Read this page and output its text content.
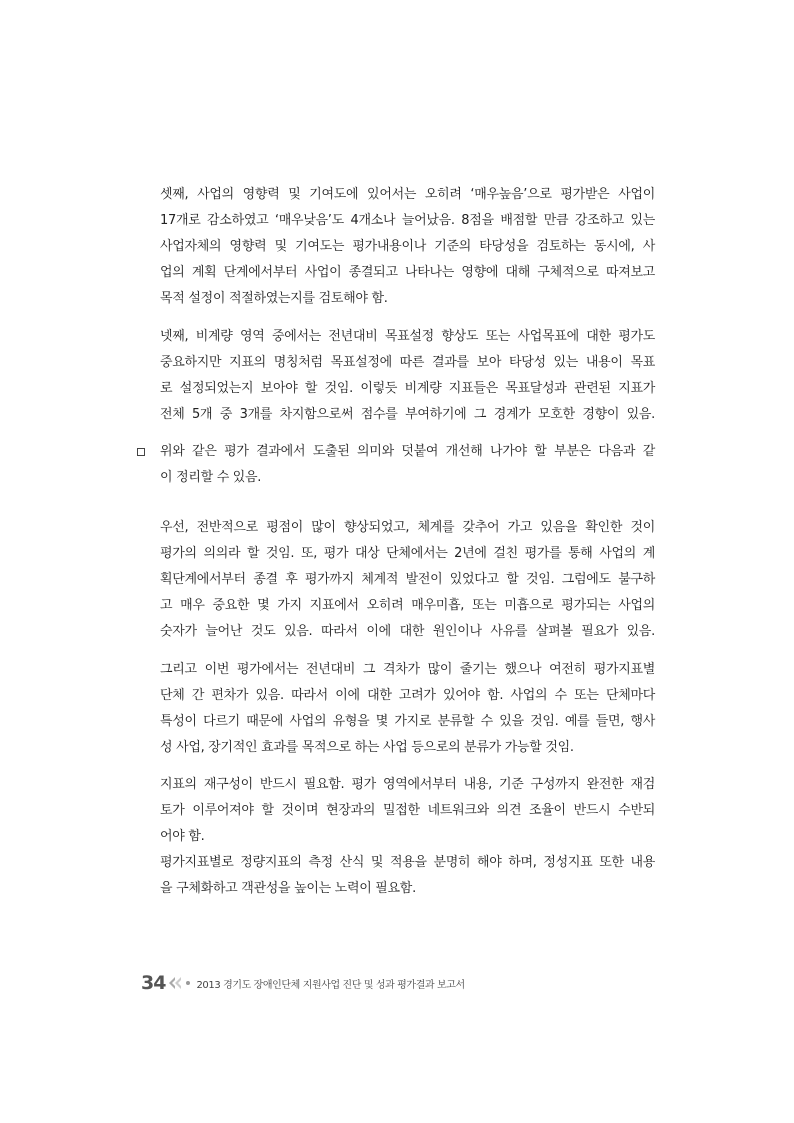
셋째, 사업의 영향력 및 기여도에 있어서는 오히려 ‘매우높음’으로 평가받은 사업이
17개로 감소하였고 ‘매우낮음’도 4개소나 늘어났음. 8점을 배점할 만큼 강조하고 있는
사업자체의 영향력 및 기여도는 평가내용이나 기준의 타당성을 검토하는 동시에, 사
업의 계획 단계에서부터 사업이 종결되고 나타나는 영향에 대해 구체적으로 따져보고
목적 설정이 적절하였는지를 검토해야 함.
넷째, 비계량 영역 중에서는 전년대비 목표설정 향상도 또는 사업목표에 대한 평가도
중요하지만 지표의 명칭처럼 목표설정에 따른 결과를 보아 타당성 있는 내용이 목표
로 설정되었는지 보아야 할 것임. 이렇듯 비계량 지표들은 목표달성과 관련된 지표가
전체 5개 중 3개를 차지함으로써 점수를 부여하기에 그 경계가 모호한 경향이 있음.
위와 같은 평가 결과에서 도출된 의미와 덧붙여 개선해 나가야 할 부분은 다음과 같
이 정리할 수 있음.
우선, 전반적으로 평점이 많이 향상되었고, 체계를 갖추어 가고 있음을 확인한 것이
평가의 의의라 할 것임. 또, 평가 대상 단체에서는 2년에 걸친 평가를 통해 사업의 계
획단계에서부터 종결 후 평가까지 체계적 발전이 있었다고 할 것임. 그럼에도 불구하
고 매우 중요한 몇 가지 지표에서 오히려 매우미흡, 또는 미흡으로 평가되는 사업의
숫자가 늘어난 것도 있음. 따라서 이에 대한 원인이나 사유를 살펴볼 필요가 있음.
그리고 이번 평가에서는 전년대비 그 격차가 많이 줄기는 했으나 여전히 평가지표별
단체 간 편차가 있음. 따라서 이에 대한 고려가 있어야 함. 사업의 수 또는 단체마다
특성이 다르기 때문에 사업의 유형을 몇 가지로 분류할 수 있을 것임. 예를 들면, 행사
성 사업, 장기적인 효과를 목적으로 하는 사업 등으로의 분류가 가능할 것임.
지표의 재구성이 반드시 필요함. 평가 영역에서부터 내용, 기준 구성까지 완전한 재검
토가 이루어져야 할 것이며 현장과의 밀접한 네트워크와 의견 조율이 반드시 수반되
어야 함.
평가지표별로 정량지표의 측정 산식 및 적용을 분명히 해야 하며, 정성지표 또한 내용
을 구체화하고 객관성을 높이는 노력이 필요함.
34	2013 경기도 장애인단체 지원사업 진단 및 성과 평가결과 보고서
